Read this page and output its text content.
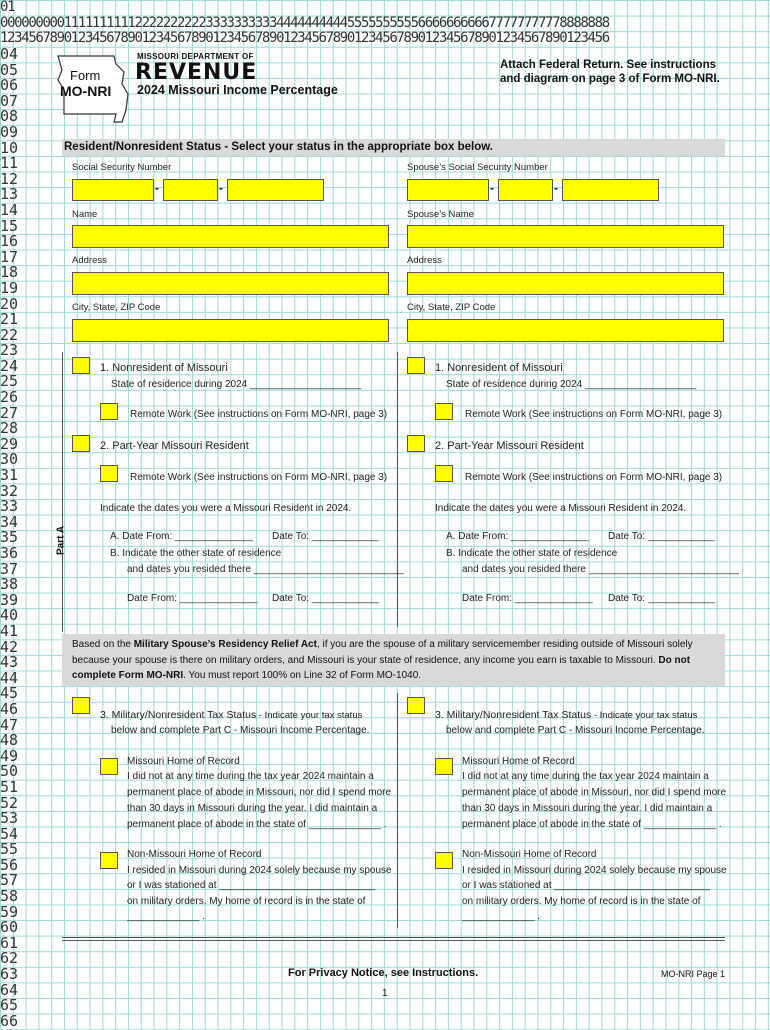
01
00000000011111111112222222222333333333344444444445555555555666666666677777777778888888
12345678901234567890123456789012345678901234567890123456789012345678901234567890123456
04
05
06
07
08
09
10
11
12
13
14
15
16
17
18
19
20
21
22
23
24
25
26
27
28
29
30
31
32
33
34
35
36
37
38
39
40
41
42
43
44
45
46
47
48
49
50
51
52
53
54
55
56
57
58
59
60
61
62
63
64
65
66
Form
MO-NRI
MISSOURI DEPARTMENT OF
REVENUE
2024 Missouri Income Percentage
Attach Federal Return. See instructions
and diagram on page 3 of Form MO-NRI.
Resident/Nonresident Status - Select your status in the appropriate box below.
Social Security Number
-	-
Name
Address
City, State, ZIP Code
Spouse’s Social Security Number
-	-
Spouse’s Name
Address
City, State, ZIP Code
Part A
1. Nonresident of Missouri
State of residence during 2024 ____________________
Remote Work (See instructions on Form MO-NRI, page 3)
2. Part-Year Missouri Resident
Remote Work (See instructions on Form MO-NRI, page 3)
Indicate the dates you were a Missouri Resident in 2024.
A. Date From: ______________ Date To: ____________
B. Indicate the other state of residence
and dates you resided there ___________________________
Date From: ______________ Date To: ____________
1. Nonresident of Missouri
State of residence during 2024 ____________________
Remote Work (See instructions on Form MO-NRI, page 3)
2. Part-Year Missouri Resident
Remote Work (See instructions on Form MO-NRI, page 3)
Indicate the dates you were a Missouri Resident in 2024.
A. Date From: ______________ Date To: ____________
B. Indicate the other state of residence
and dates you resided there ___________________________
Date From: ______________ Date To: ____________
Based on the Military Spouse’s Residency Relief Act, if you are the spouse of a military servicemember residing outside of Missouri solely
because your spouse is there on military orders, and Missouri is your state of residence, any income you earn is taxable to Missouri. Do not
complete Form MO-NRI. You must report 100% on Line 32 of Form MO-1040.
3. Military/Nonresident Tax Status - Indicate your tax status
below and complete Part C - Missouri Income Percentage.
Missouri Home of Record
I did not at any time during the tax year 2024 maintain a
permanent place of abode in Missouri, nor did I spend more
than 30 days in Missouri during the year. I did maintain a
permanent place of abode in the state of _____________ .
Non-Missouri Home of Record
I resided in Missouri during 2024 solely because my spouse
or I was stationed at ____________________________
on military orders. My home of record is in the state of
_____________ .
3. Military/Nonresident Tax Status - Indicate your tax status
below and complete Part C - Missouri Income Percentage.
Missouri Home of Record
I did not at any time during the tax year 2024 maintain a
permanent place of abode in Missouri, nor did I spend more
than 30 days in Missouri during the year. I did maintain a
permanent place of abode in the state of _____________ .
Non-Missouri Home of Record
I resided in Missouri during 2024 solely because my spouse
or I was stationed at ____________________________
on military orders. My home of record is in the state of
_____________ .
For Privacy Notice, see Instructions.	MO-NRI Page 1
1
